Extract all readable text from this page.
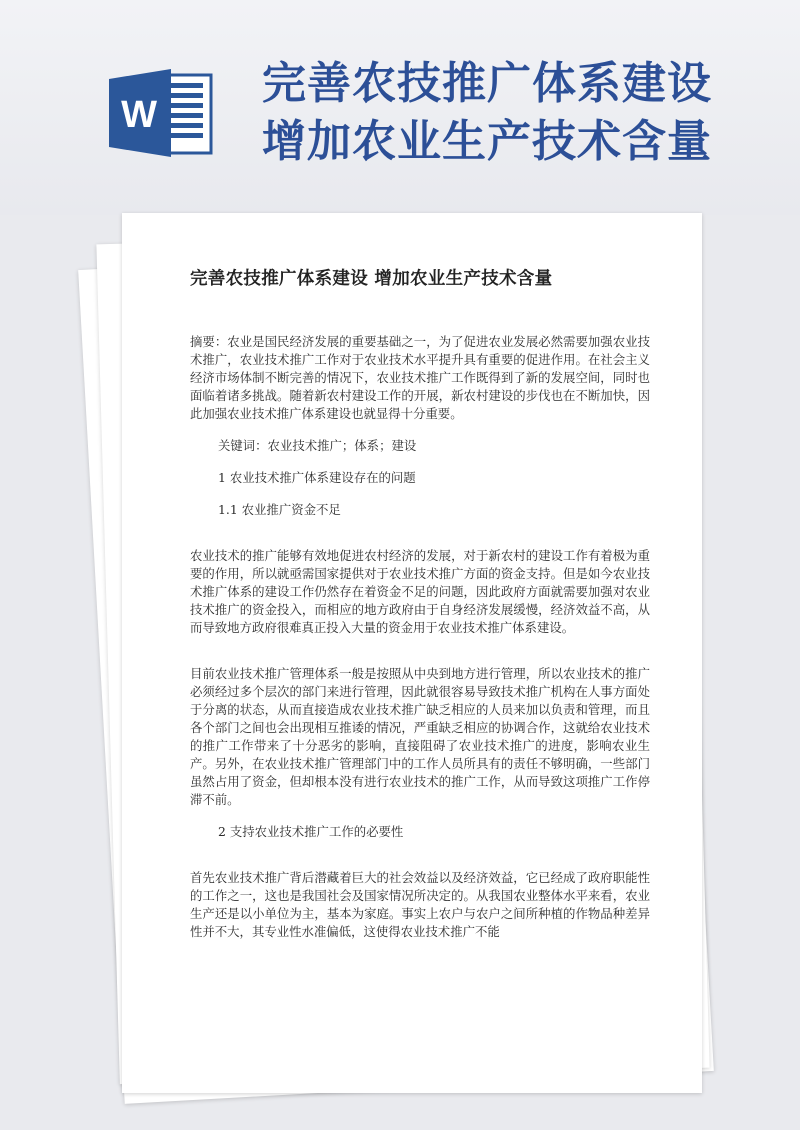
W
完善农技推广体系建设
增加农业生产技术含量
完善农技推广体系建设 增加农业生产技术含量

摘要：农业是国民经济发展的重要基础之一，为了促进农业发展必然需要加强农业技术推广，农业技术推广工作对于农业技术水平提升具有重要的促进作用。在社会主义经济市场体制不断完善的情况下，农业技术推广工作既得到了新的发展空间，同时也面临着诸多挑战。随着新农村建设工作的开展，新农村建设的步伐也在不断加快，因此加强农业技术推广体系建设也就显得十分重要。

关键词：农业技术推广；体系；建设

1 农业技术推广体系建设存在的问题

1.1 农业推广资金不足

农业技术的推广能够有效地促进农村经济的发展，对于新农村的建设工作有着极为重要的作用，所以就亟需国家提供对于农业技术推广方面的资金支持。但是如今农业技术推广体系的建设工作仍然存在着资金不足的问题，因此政府方面就需要加强对农业技术推广的资金投入，而相应的地方政府由于自身经济发展缓慢，经济效益不高，从而导致地方政府很难真正投入大量的资金用于农业技术推广体系建设。

目前农业技术推广管理体系一般是按照从中央到地方进行管理，所以农业技术的推广必须经过多个层次的部门来进行管理，因此就很容易导致技术推广机构在人事方面处于分离的状态，从而直接造成农业技术推广缺乏相应的人员来加以负责和管理，而且各个部门之间也会出现相互推诿的情况，严重缺乏相应的协调合作，这就给农业技术的推广工作带来了十分恶劣的影响，直接阻碍了农业技术推广的进度，影响农业生产。另外，在农业技术推广管理部门中的工作人员所具有的责任不够明确，一些部门虽然占用了资金，但却根本没有进行农业技术的推广工作，从而导致这项推广工作停滞不前。

2 支持农业技术推广工作的必要性

首先农业技术推广背后潜藏着巨大的社会效益以及经济效益，它已经成了政府职能性的工作之一，这也是我国社会及国家情况所决定的。从我国农业整体水平来看，农业生产还是以小单位为主，基本为家庭。事实上农户与农户之间所种植的作物品种差异性并不大，其专业性水准偏低，这使得农业技术推广不能
